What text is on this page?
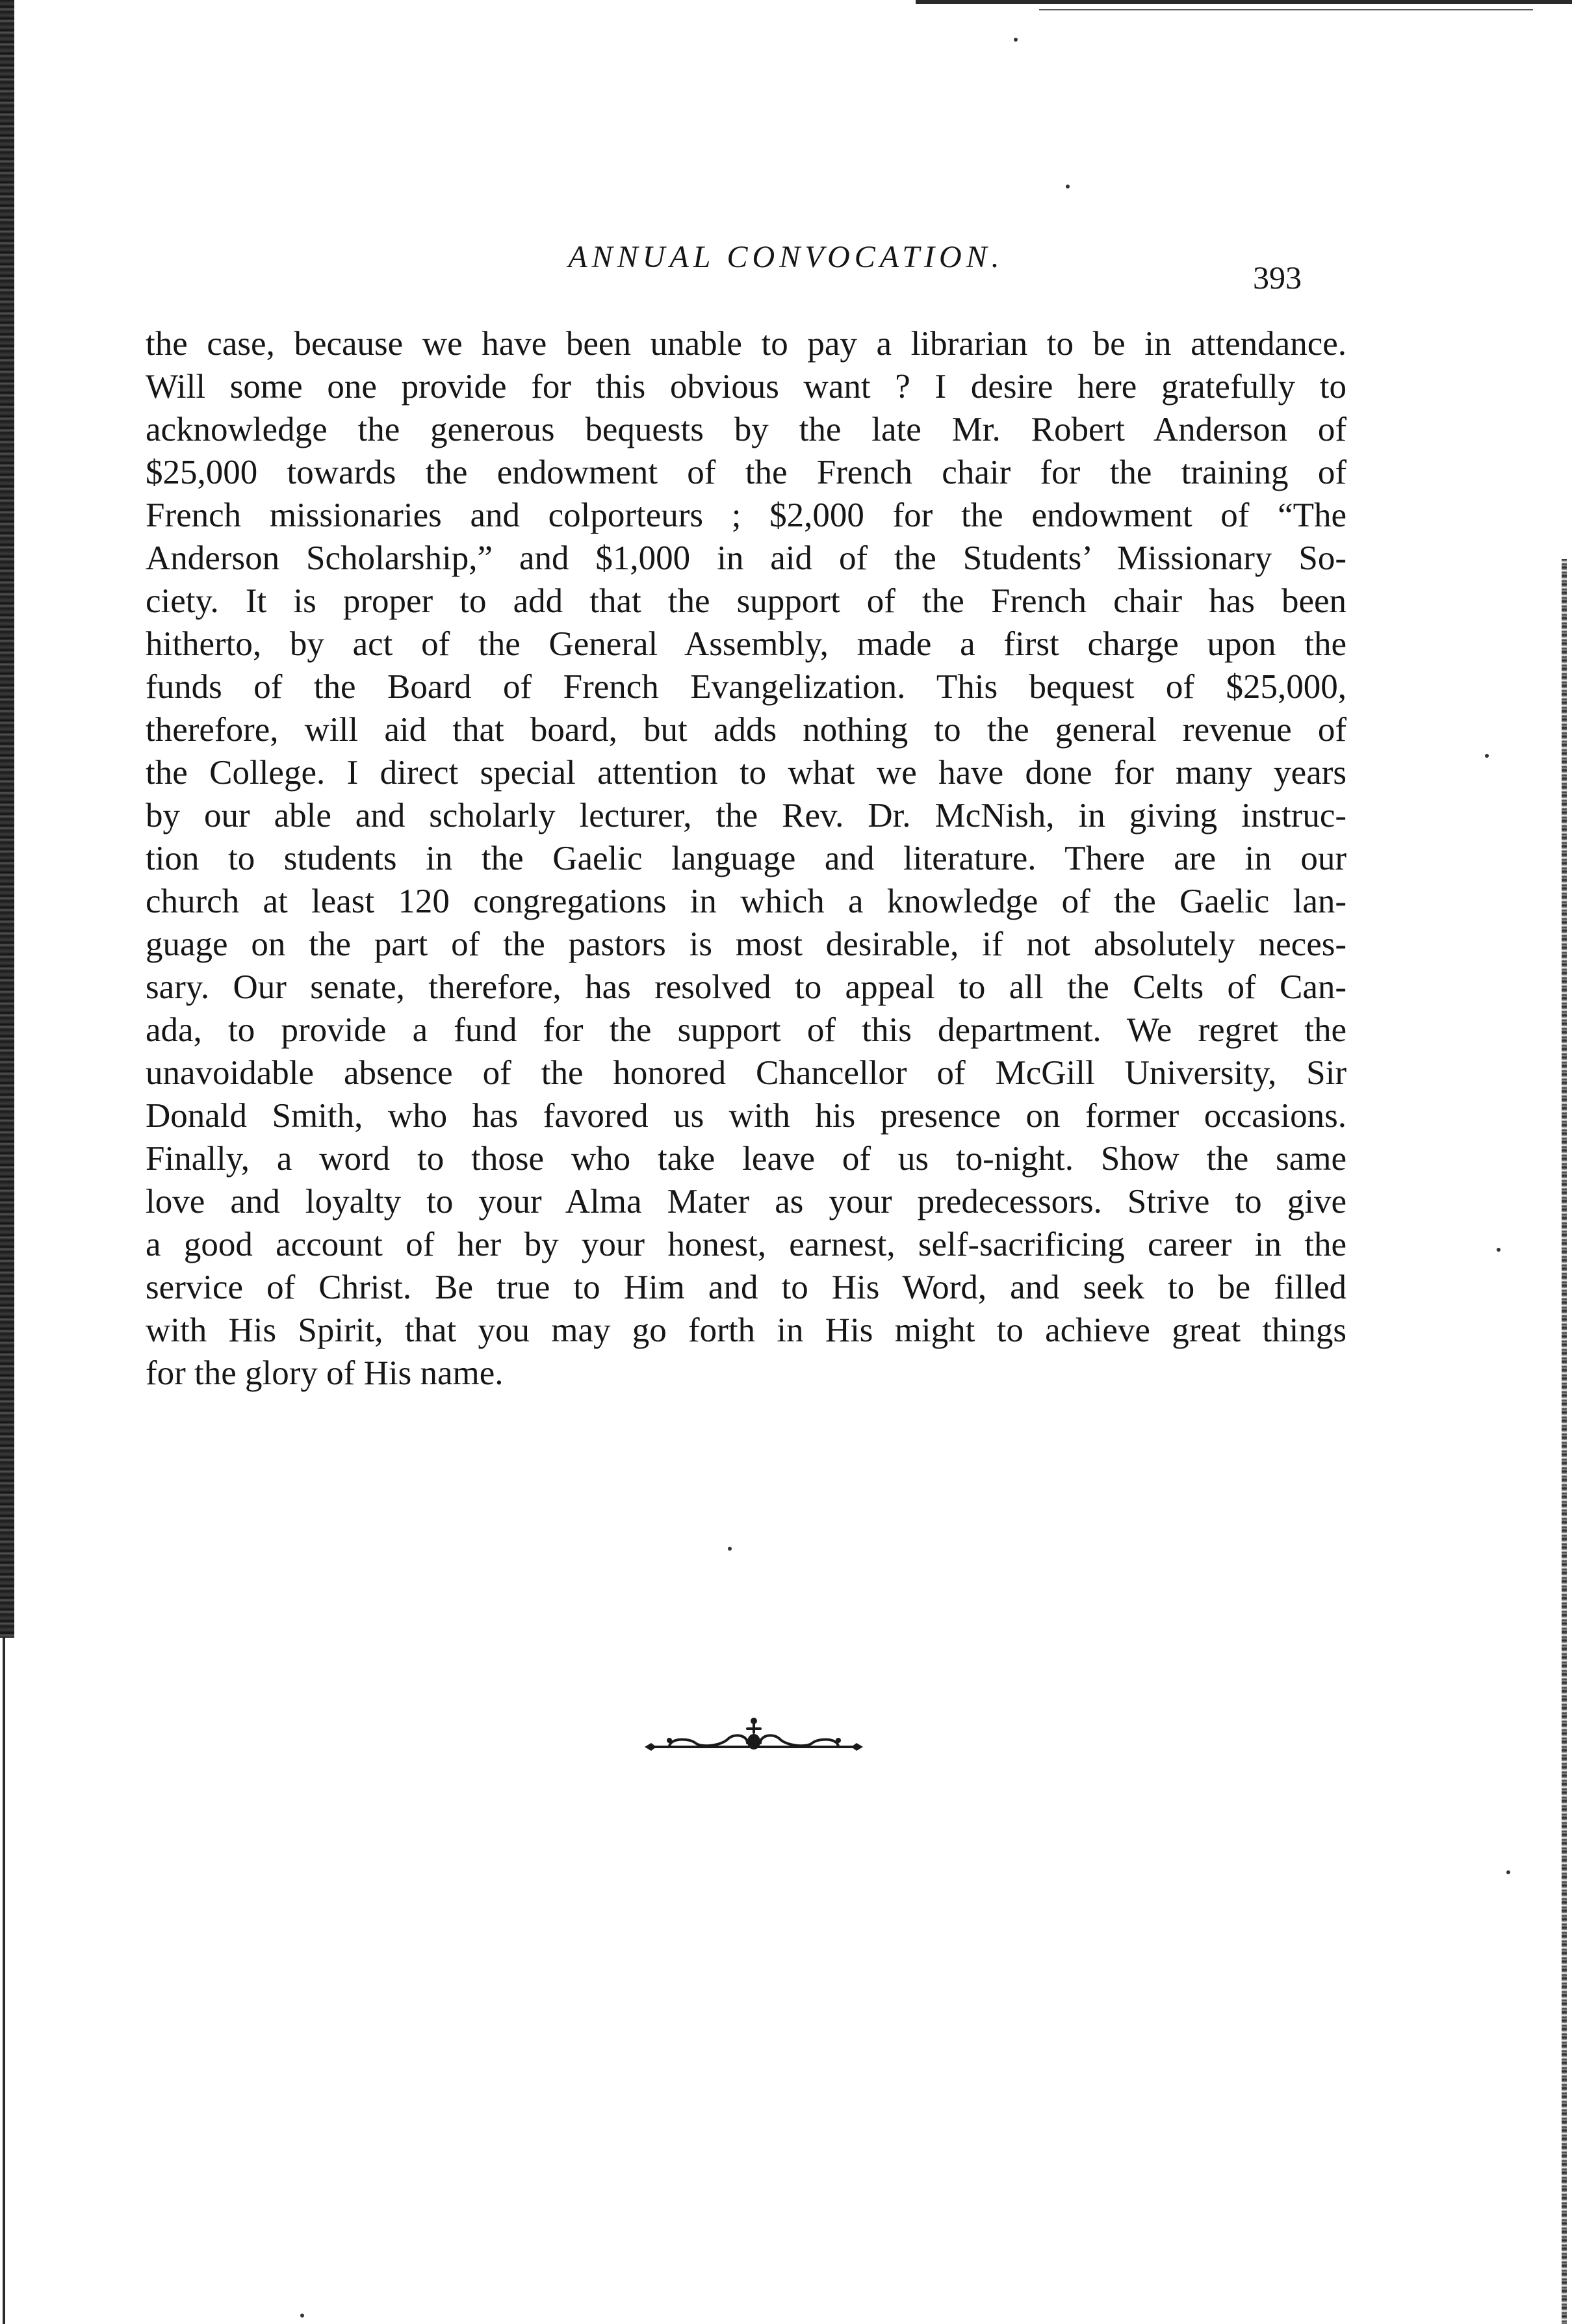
ANNUAL CONVOCATION.
393
the case, because we have been unable to pay a librarian to be in attendance.
Will some one provide for this obvious want ? I desire here gratefully to
acknowledge the generous bequests by the late Mr. Robert Anderson of
$25,000 towards the endowment of the French chair for the training of
French missionaries and colporteurs ; $2,000 for the endowment of “The
Anderson Scholarship,” and $1,000 in aid of the Students’ Missionary So-
ciety. It is proper to add that the support of the French chair has been
hitherto, by act of the General Assembly, made a first charge upon the
funds of the Board of French Evangelization. This bequest of $25,000,
therefore, will aid that board, but adds nothing to the general revenue of
the College. I direct special attention to what we have done for many years
by our able and scholarly lecturer, the Rev. Dr. McNish, in giving instruc-
tion to students in the Gaelic language and literature. There are in our
church at least 120 congregations in which a knowledge of the Gaelic lan-
guage on the part of the pastors is most desirable, if not absolutely neces-
sary. Our senate, therefore, has resolved to appeal to all the Celts of Can-
ada, to provide a fund for the support of this department. We regret the
unavoidable absence of the honored Chancellor of McGill University, Sir
Donald Smith, who has favored us with his presence on former occasions.
Finally, a word to those who take leave of us to-night. Show the same
love and loyalty to your Alma Mater as your predecessors. Strive to give
a good account of her by your honest, earnest, self-sacrificing career in the
service of Christ. Be true to Him and to His Word, and seek to be filled
with His Spirit, that you may go forth in His might to achieve great things
for the glory of His name.
